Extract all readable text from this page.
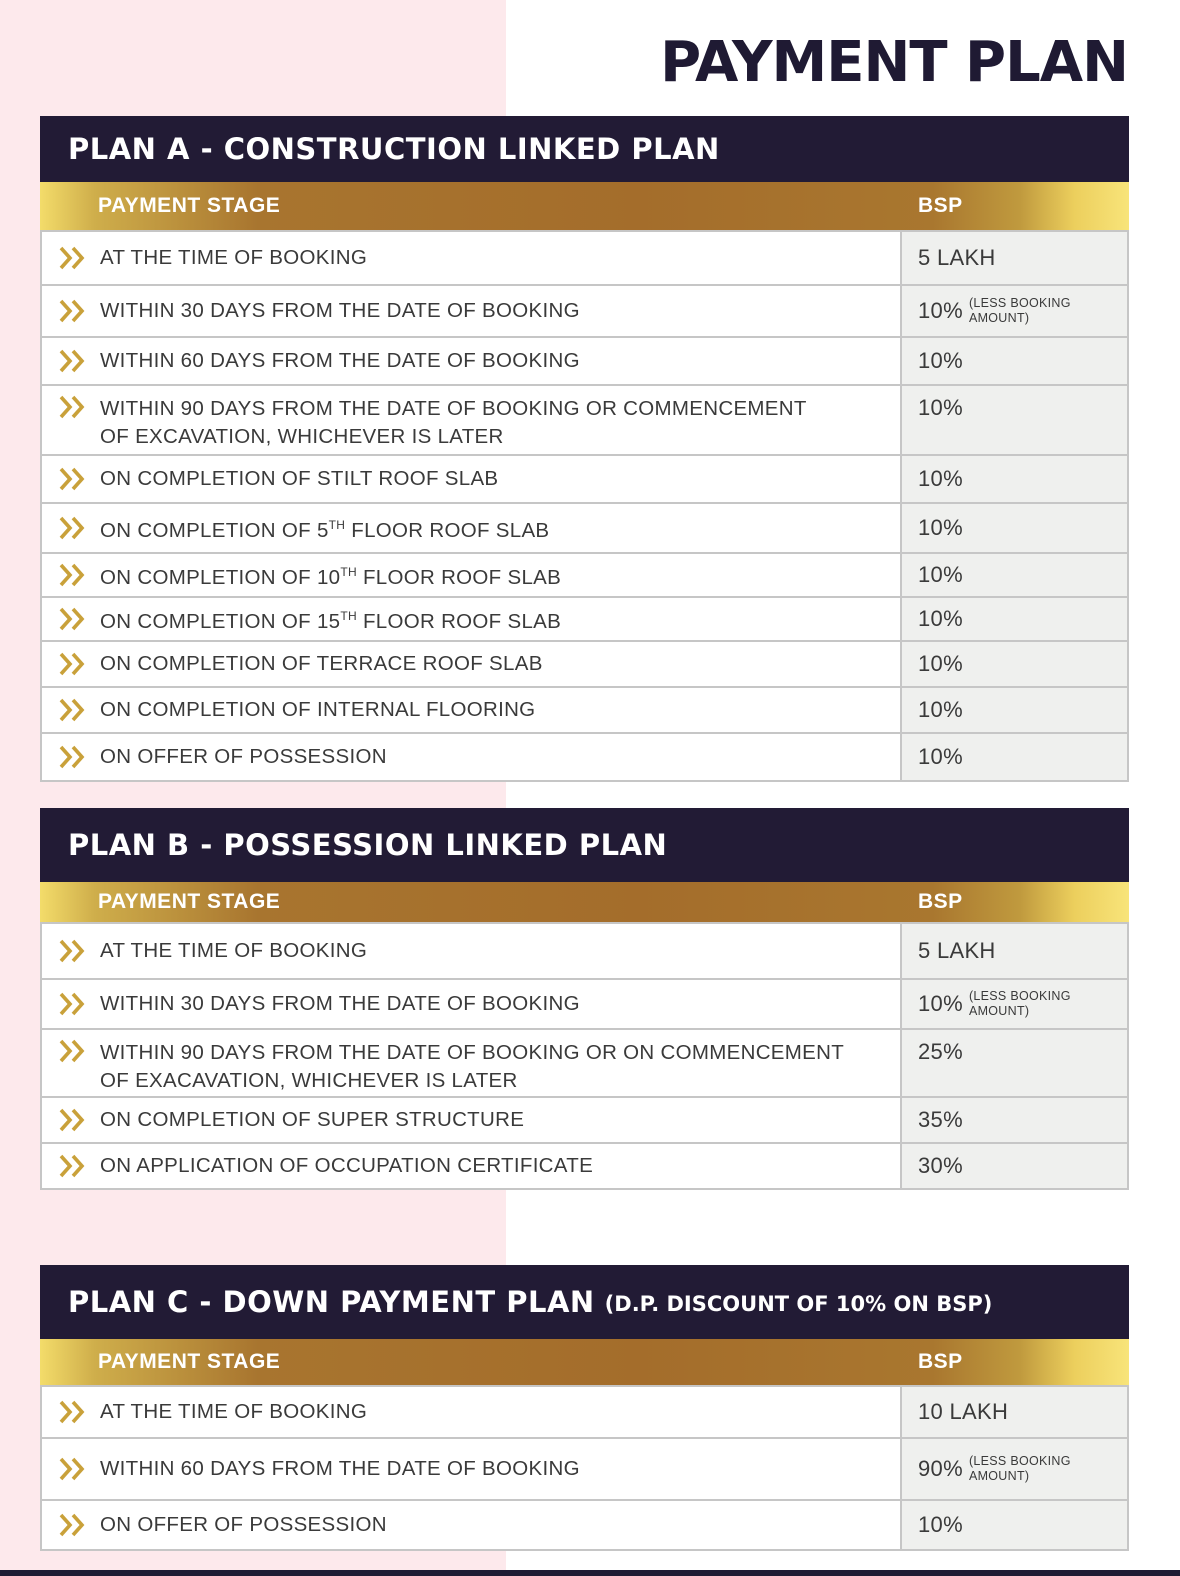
PAYMENT PLAN
PLAN A - CONSTRUCTION LINKED PLAN
PAYMENT STAGE	BSP
AT THE TIME OF BOOKING	5 LAKH
WITHIN 30 DAYS FROM THE DATE OF BOOKING	10% (LESS BOOKING
AMOUNT)
WITHIN 60 DAYS FROM THE DATE OF BOOKING	10%
WITHIN 90 DAYS FROM THE DATE OF BOOKING OR COMMENCEMENT
OF EXCAVATION, WHICHEVER IS LATER
10%
ON COMPLETION OF STILT ROOF SLAB	10%
ON COMPLETION OF 5TH FLOOR ROOF SLAB	10%
ON COMPLETION OF 10TH FLOOR ROOF SLAB	10%
ON COMPLETION OF 15TH FLOOR ROOF SLAB	10%
ON COMPLETION OF TERRACE ROOF SLAB	10%
ON COMPLETION OF INTERNAL FLOORING	10%
ON OFFER OF POSSESSION	10%
PLAN B - POSSESSION LINKED PLAN
PAYMENT STAGE	BSP
AT THE TIME OF BOOKING	5 LAKH
WITHIN 30 DAYS FROM THE DATE OF BOOKING	10% (LESS BOOKING
AMOUNT)
WITHIN 90 DAYS FROM THE DATE OF BOOKING OR ON COMMENCEMENT
OF EXACAVATION, WHICHEVER IS LATER
25%
ON COMPLETION OF SUPER STRUCTURE	35%
ON APPLICATION OF OCCUPATION CERTIFICATE	30%
PLAN C - DOWN PAYMENT PLAN (D.P. DISCOUNT OF 10% ON BSP)
PAYMENT STAGE	BSP
AT THE TIME OF BOOKING	10 LAKH
WITHIN 60 DAYS FROM THE DATE OF BOOKING	90% (LESS BOOKING
AMOUNT)
ON OFFER OF POSSESSION	10%
